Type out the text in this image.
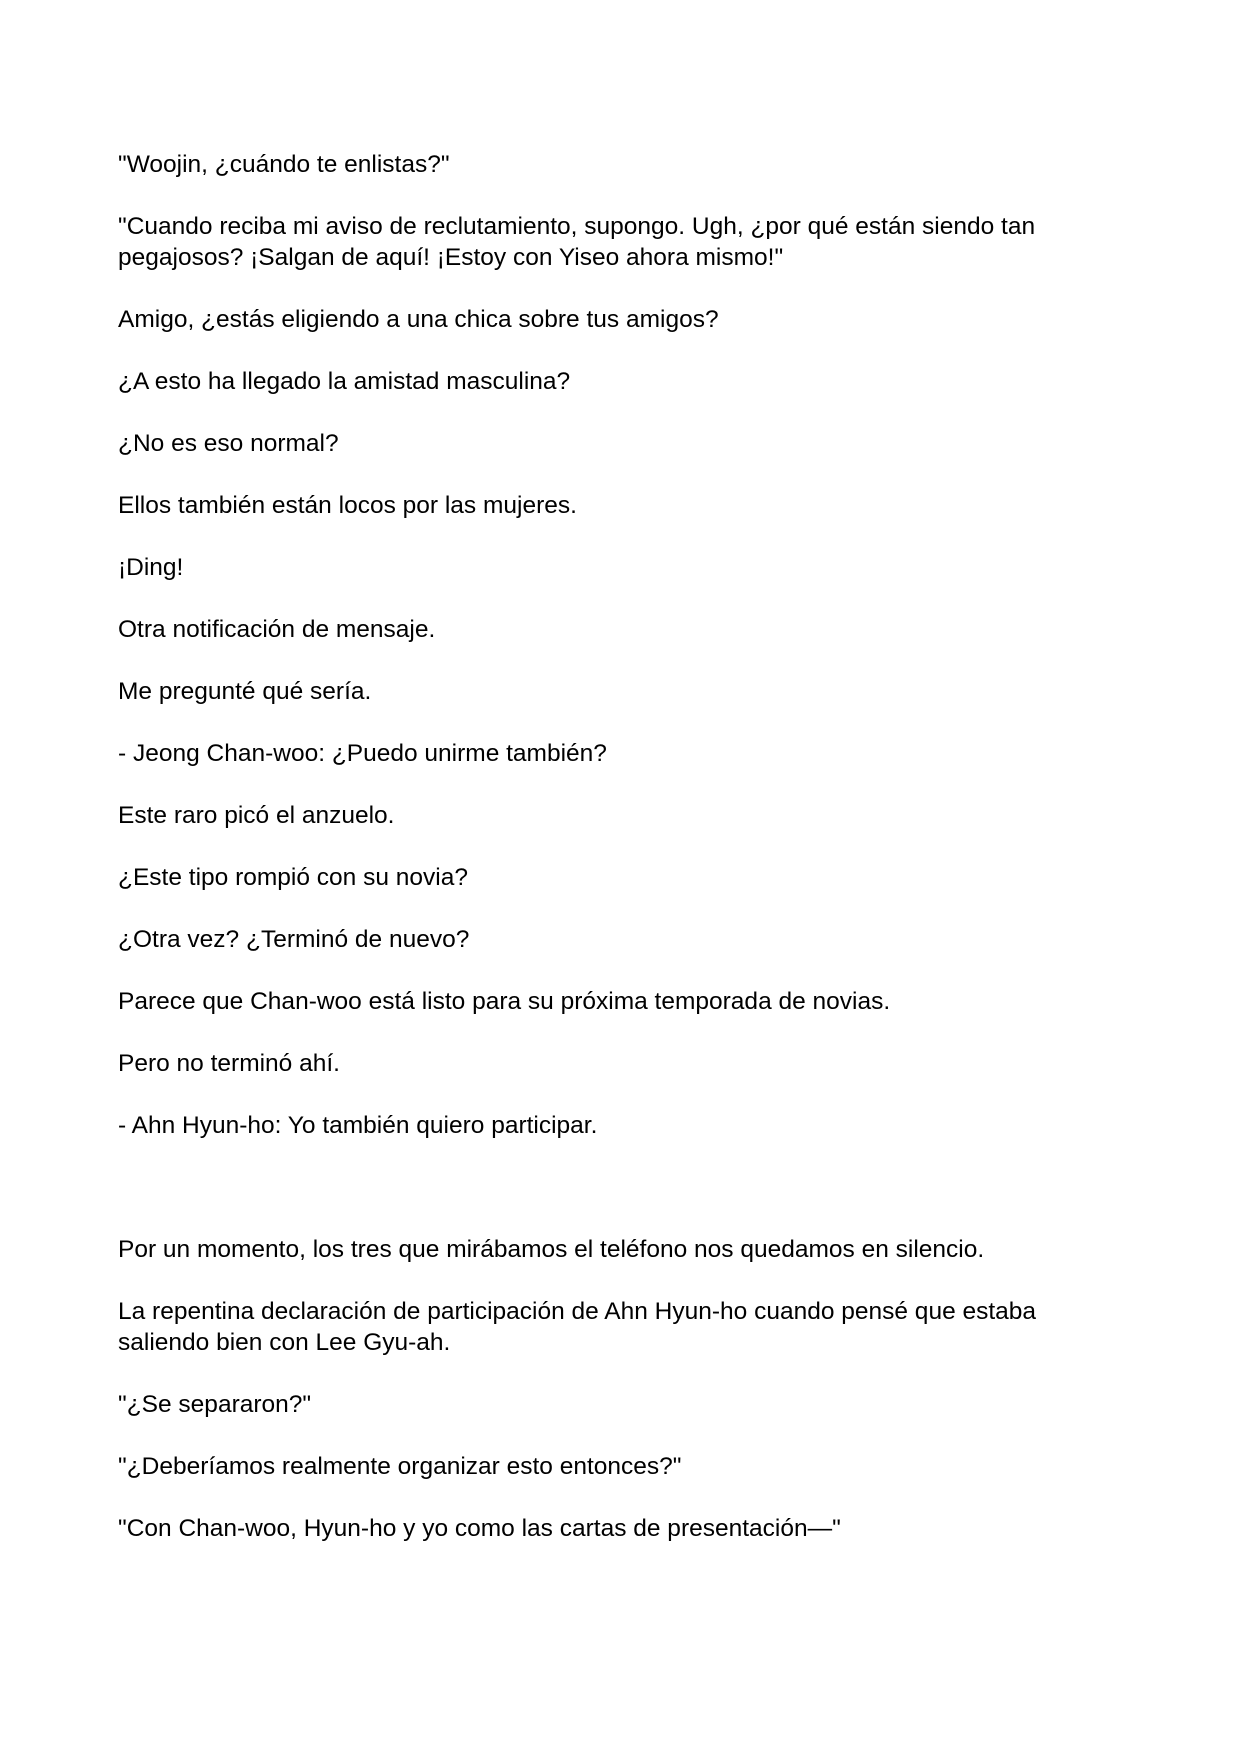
"Woojin, ¿cuándo te enlistas?"

"Cuando reciba mi aviso de reclutamiento, supongo. Ugh, ¿por qué están siendo tan pegajosos? ¡Salgan de aquí! ¡Estoy con Yiseo ahora mismo!"

Amigo, ¿estás eligiendo a una chica sobre tus amigos?

¿A esto ha llegado la amistad masculina?

¿No es eso normal?

Ellos también están locos por las mujeres.

¡Ding!

Otra notificación de mensaje.

Me pregunté qué sería.

- Jeong Chan-woo: ¿Puedo unirme también?

Este raro picó el anzuelo.

¿Este tipo rompió con su novia?

¿Otra vez? ¿Terminó de nuevo?

Parece que Chan-woo está listo para su próxima temporada de novias.

Pero no terminó ahí.

- Ahn Hyun-ho: Yo también quiero participar.

Por un momento, los tres que mirábamos el teléfono nos quedamos en silencio.

La repentina declaración de participación de Ahn Hyun-ho cuando pensé que estaba saliendo bien con Lee Gyu-ah.

"¿Se separaron?"

"¿Deberíamos realmente organizar esto entonces?"

"Con Chan-woo, Hyun-ho y yo como las cartas de presentación—"
